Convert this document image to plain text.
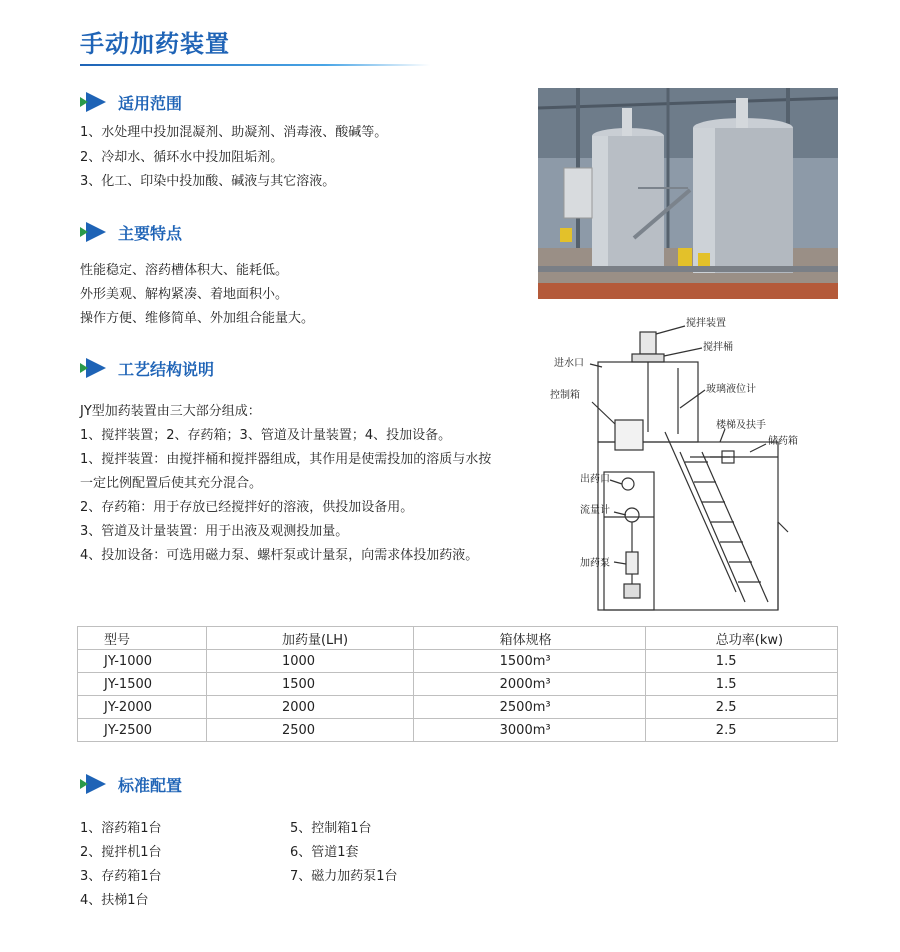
手动加药装置
适用范围
1、水处理中投加混凝剂、助凝剂、消毒液、酸碱等。
2、冷却水、循环水中投加阻垢剂。
3、化工、印染中投加酸、碱液与其它溶液。
主要特点
性能稳定、溶药槽体积大、能耗低。
外形美观、解构紧凑、着地面积小。
操作方便、维修简单、外加组合能量大。
工艺结构说明
JY型加药装置由三大部分组成：
1、搅拌装置；2、存药箱；3、管道及计量装置；4、投加设备。
1、搅拌装置：由搅拌桶和搅拌器组成，其作用是使需投加的溶质与水按
一定比例配置后使其充分混合。
2、存药箱：用于存放已经搅拌好的溶液，供投加设备用。
3、管道及计量装置：用于出液及观测投加量。
4、投加设备：可选用磁力泵、螺杆泵或计量泵，向需求体投加药液。
搅拌装置
搅拌桶
进水口
玻璃液位计
控制箱
楼梯及扶手
储药箱
出药口
流量计
加药泵
型号	加药量(LH)	箱体规格	总功率(kw)
JY-1000	1000	1500m³	1.5
JY-1500	1500	2000m³	1.5
JY-2000	2000	2500m³	2.5
JY-2500	2500	3000m³	2.5
标准配置
1、溶药箱1台
2、搅拌机1台
3、存药箱1台
4、扶梯1台
5、控制箱1台
6、管道1套
7、磁力加药泵1台
